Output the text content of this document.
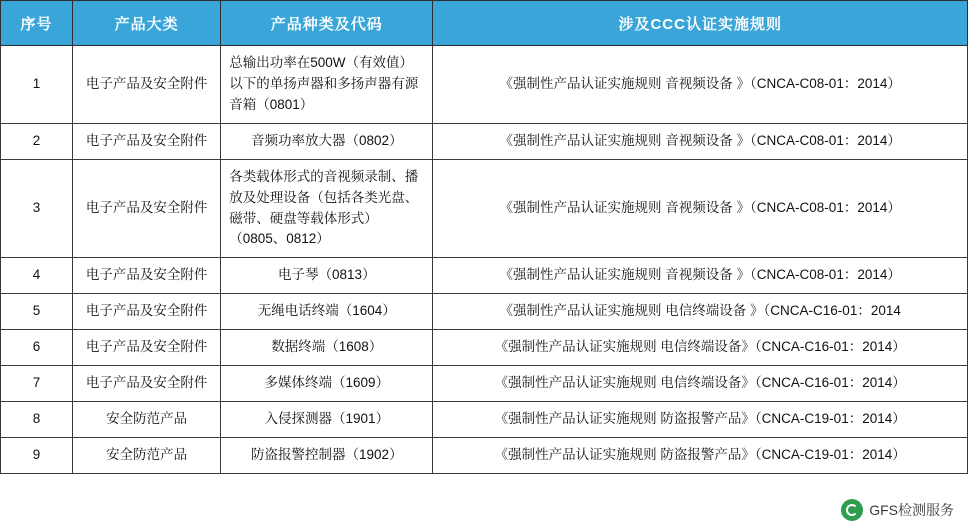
序号	产品大类	产品种类及代码	涉及CCC认证实施规则
1	电子产品及安全附件	总输出功率在500W（有效值）以下的单扬声器和多扬声器有源音箱（0801）	《强制性产品认证实施规则 音视频设备 》（CNCA-C08-01：2014）
2	电子产品及安全附件	音频功率放大器（0802）	《强制性产品认证实施规则 音视频设备 》（CNCA-C08-01：2014）
3	电子产品及安全附件	各类载体形式的音视频录制、播放及处理设备（包括各类光盘、磁带、硬盘等载体形式）（0805、0812）	《强制性产品认证实施规则 音视频设备 》（CNCA-C08-01：2014）
4	电子产品及安全附件	电子琴（0813）	《强制性产品认证实施规则 音视频设备 》（CNCA-C08-01：2014）
5	电子产品及安全附件	无绳电话终端（1604）	《强制性产品认证实施规则 电信终端设备 》（CNCA-C16-01：2014
6	电子产品及安全附件	数据终端（1608）	《强制性产品认证实施规则 电信终端设备》（CNCA-C16-01：2014）
7	电子产品及安全附件	多媒体终端（1609）	《强制性产品认证实施规则 电信终端设备》（CNCA-C16-01：2014）
8	安全防范产品	入侵探测器（1901）	《强制性产品认证实施规则 防盗报警产品》（CNCA-C19-01：2014）
9	安全防范产品	防盗报警控制器（1902）	《强制性产品认证实施规则 防盗报警产品》（CNCA-C19-01：2014）
GFS检测服务
